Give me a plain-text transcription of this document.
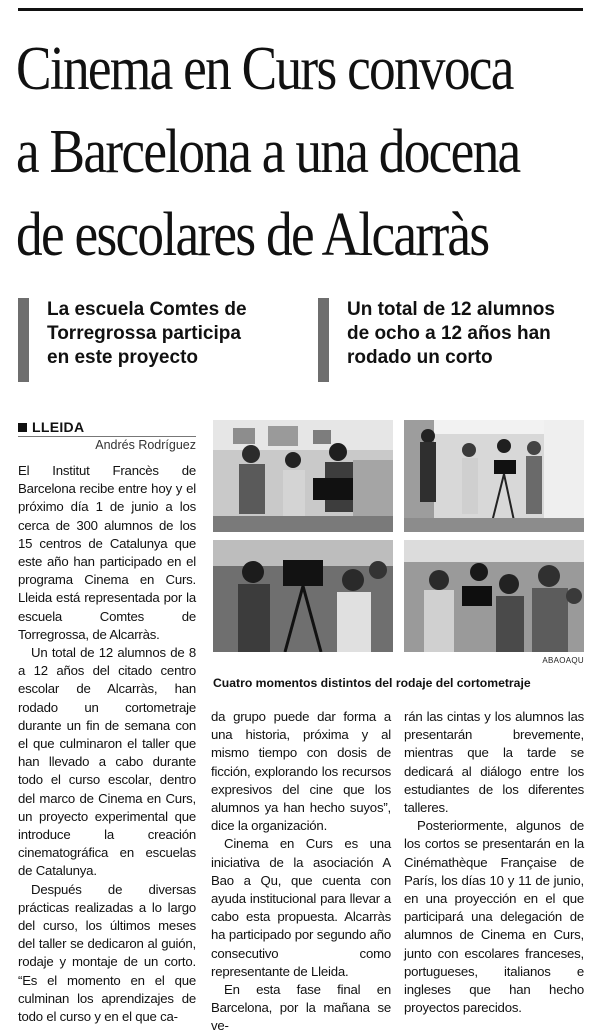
Cinema en Curs convoca
a Barcelona a una docena
de escolares de Alcarràs
La escuela Comtes de
Torregrossa participa
en este proyecto
Un total de 12 alumnos
de ocho a 12 años han
rodado un corto
LLEIDA
Andrés Rodríguez

El Institut Francès de Barcelona recibe entre hoy y el próximo día 1 de junio a los cerca de 300 alumnos de los 15 centros de Catalunya que este año han participado en el programa Cinema en Curs. Lleida está representada por la escuela Comtes de Torregrossa, de Alcarràs.

Un total de 12 alumnos de 8 a 12 años del citado centro escolar de Alcarràs, han rodado un cortometraje durante un fin de semana con el que culminaron el taller que han llevado a cabo durante todo el curso escolar, dentro del marco de Cinema en Curs, un proyecto experimental que introduce la creación cinematográfica en escuelas de Catalunya.

Después de diversas prácticas realizadas a lo largo del curso, los últimos meses del taller se dedicaron al guión, rodaje y montaje de un corto. “Es el momento en el que culminan los aprendizajes de todo el curso y en el que ca-

ABAOAQU
Cuatro momentos distintos del rodaje del cortometraje

da grupo puede dar forma a una historia, próxima y al mismo tiempo con dosis de ficción, explorando los recursos expresivos del cine que los alumnos ya han hecho suyos”, dice la organización.

Cinema en Curs es una iniciativa de la asociación A Bao a Qu, que cuenta con ayuda institucional para llevar a cabo esta propuesta. Alcarràs ha participado por segundo año consecutivo como representante de Lleida.

En esta fase final en Barcelona, por la mañana se ve-

rán las cintas y los alumnos las presentarán brevemente, mientras que la tarde se dedicará al diálogo entre los estudiantes de los diferentes talleres.

Posteriormente, algunos de los cortos se presentarán en la Cinémathèque Française de París, los días 10 y 11 de junio, en una proyección en el que participará una delegación de alumnos de Cinema en Curs, junto con escolares franceses, portugueses, italianos e ingleses que han hecho proyectos parecidos.
